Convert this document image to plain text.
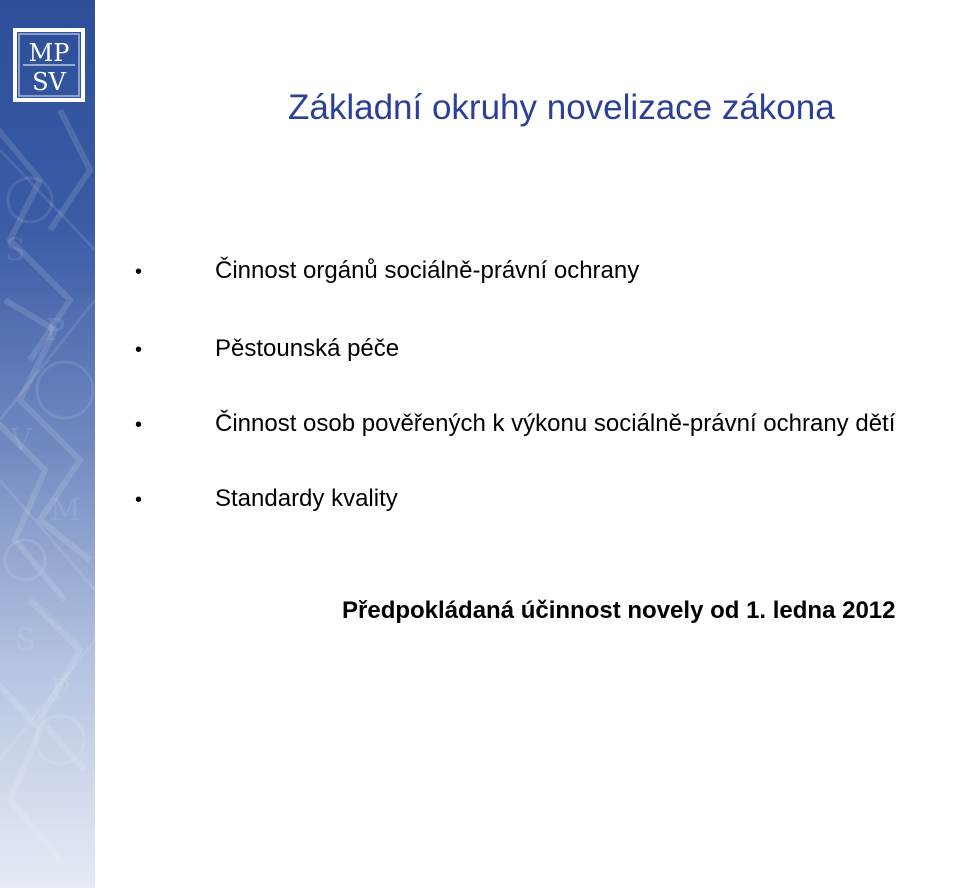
S
P
V
M
S
P
MP
SV
Základní okruhy novelizace zákona
•	Činnost orgánů sociálně-právní ochrany
•	Pěstounská péče
•	Činnost osob pověřených k výkonu sociálně-právní ochrany dětí
•	Standardy kvality

Předpokládaná účinnost novely od 1. ledna 2012
